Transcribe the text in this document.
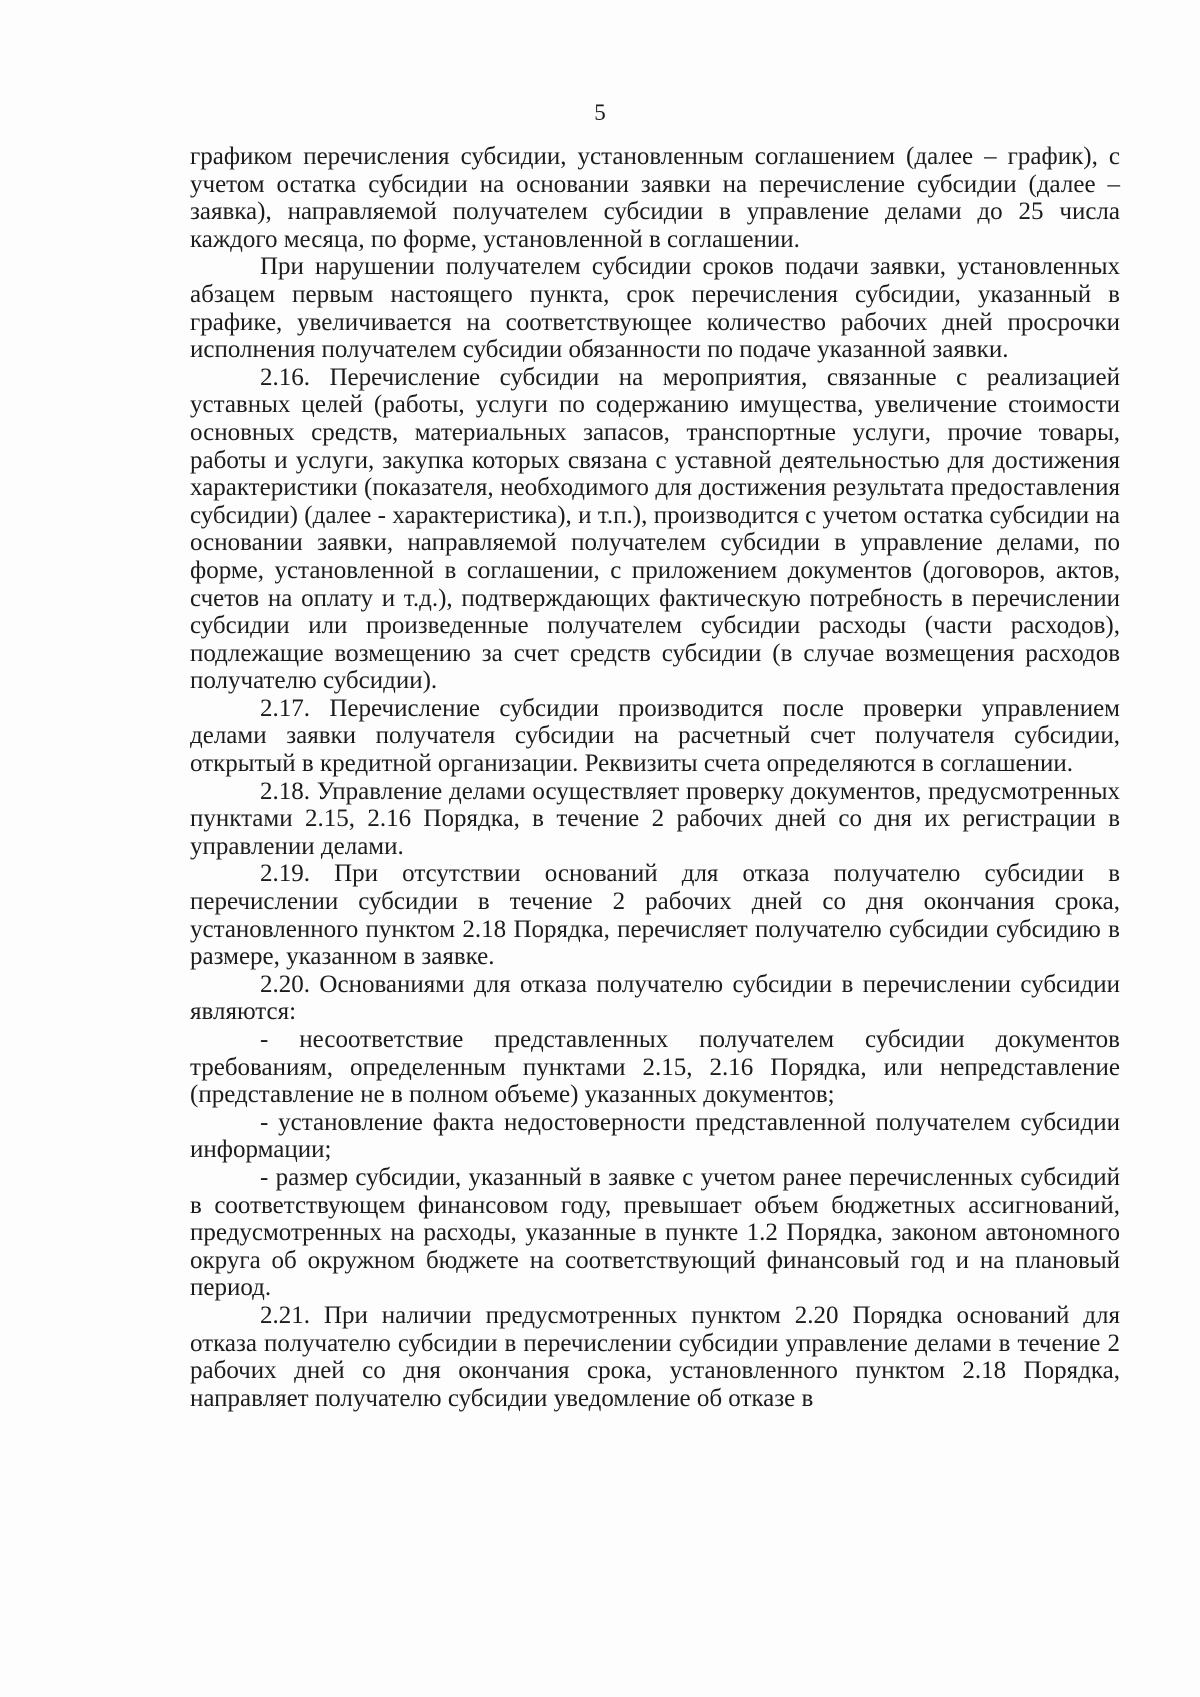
5

графиком перечисления субсидии, установленным соглашением (далее – график), с учетом остатка субсидии на основании заявки на перечисление субсидии (далее – заявка), направляемой получателем субсидии в управление делами до 25 числа каждого месяца, по форме, установленной в соглашении.

При нарушении получателем субсидии сроков подачи заявки, установленных абзацем первым настоящего пункта, срок перечисления субсидии, указанный в графике, увеличивается на соответствующее количество рабочих дней просрочки исполнения получателем субсидии обязанности по подаче указанной заявки.

2.16. Перечисление субсидии на мероприятия, связанные с реализацией уставных целей (работы, услуги по содержанию имущества, увеличение стоимости основных средств, материальных запасов, транспортные услуги, прочие товары, работы и услуги, закупка которых связана с уставной деятельностью для достижения характеристики (показателя, необходимого для достижения результата предоставления субсидии) (далее - характеристика), и т.п.), производится с учетом остатка субсидии на основании заявки, направляемой получателем субсидии в управление делами, по форме, установленной в соглашении, с приложением документов (договоров, актов, счетов на оплату и т.д.), подтверждающих фактическую потребность в перечислении субсидии или произведенные получателем субсидии расходы (части расходов), подлежащие возмещению за счет средств субсидии (в случае возмещения расходов получателю субсидии).

2.17. Перечисление субсидии производится после проверки управлением делами заявки получателя субсидии на расчетный счет получателя субсидии, открытый в кредитной организации. Реквизиты счета определяются в соглашении.

2.18. Управление делами осуществляет проверку документов, предусмотренных пунктами 2.15, 2.16 Порядка, в течение 2 рабочих дней со дня их регистрации в управлении делами.

2.19. При отсутствии оснований для отказа получателю субсидии в перечислении субсидии в течение 2 рабочих дней со дня окончания срока, установленного пунктом 2.18 Порядка, перечисляет получателю субсидии субсидию в размере, указанном в заявке.

2.20. Основаниями для отказа получателю субсидии в перечислении субсидии являются:

- несоответствие представленных получателем субсидии документов требованиям, определенным пунктами 2.15, 2.16 Порядка, или непредставление (представление не в полном объеме) указанных документов;

- установление факта недостоверности представленной получателем субсидии информации;

- размер субсидии, указанный в заявке с учетом ранее перечисленных субсидий в соответствующем финансовом году, превышает объем бюджетных ассигнований, предусмотренных на расходы, указанные в пункте 1.2 Порядка, законом автономного округа об окружном бюджете на соответствующий финансовый год и на плановый период.

2.21. При наличии предусмотренных пунктом 2.20 Порядка оснований для отказа получателю субсидии в перечислении субсидии управление делами в течение 2 рабочих дней со дня окончания срока, установленного пунктом 2.18 Порядка, направляет получателю субсидии уведомление об отказе в
